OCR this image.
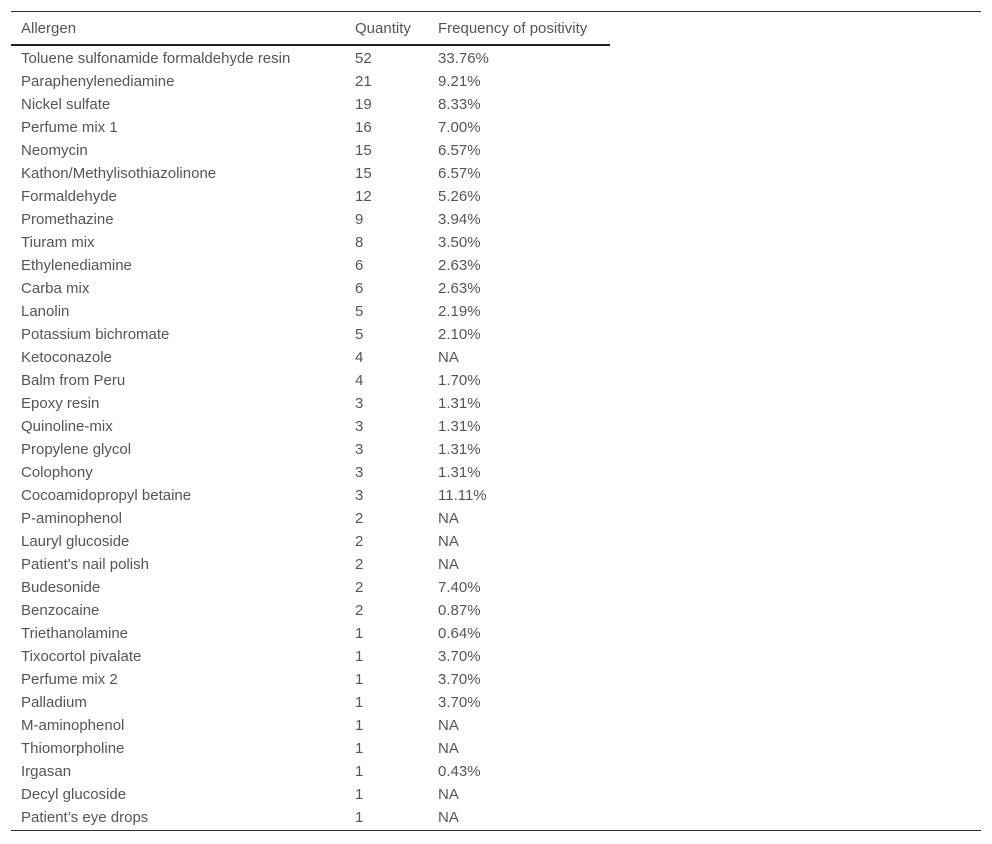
Allergen	Quantity	Frequency of positivity
Toluene sulfonamide formaldehyde resin	52	33.76%
Paraphenylenediamine	21	9.21%
Nickel sulfate	19	8.33%
Perfume mix 1	16	7.00%
Neomycin	15	6.57%
Kathon/Methylisothiazolinone	15	6.57%
Formaldehyde	12	5.26%
Promethazine	9	3.94%
Tiuram mix	8	3.50%
Ethylenediamine	6	2.63%
Carba mix	6	2.63%
Lanolin	5	2.19%
Potassium bichromate	5	2.10%
Ketoconazole	4	NA
Balm from Peru	4	1.70%
Epoxy resin	3	1.31%
Quinoline-mix	3	1.31%
Propylene glycol	3	1.31%
Colophony	3	1.31%
Cocoamidopropyl betaine	3	11.11%
P-aminophenol	2	NA
Lauryl glucoside	2	NA
Patient's nail polish	2	NA
Budesonide	2	7.40%
Benzocaine	2	0.87%
Triethanolamine	1	0.64%
Tixocortol pivalate	1	3.70%
Perfume mix 2	1	3.70%
Palladium	1	3.70%
M-aminophenol	1	NA
Thiomorpholine	1	NA
Irgasan	1	0.43%
Decyl glucoside	1	NA
Patient’s eye drops	1	NA
